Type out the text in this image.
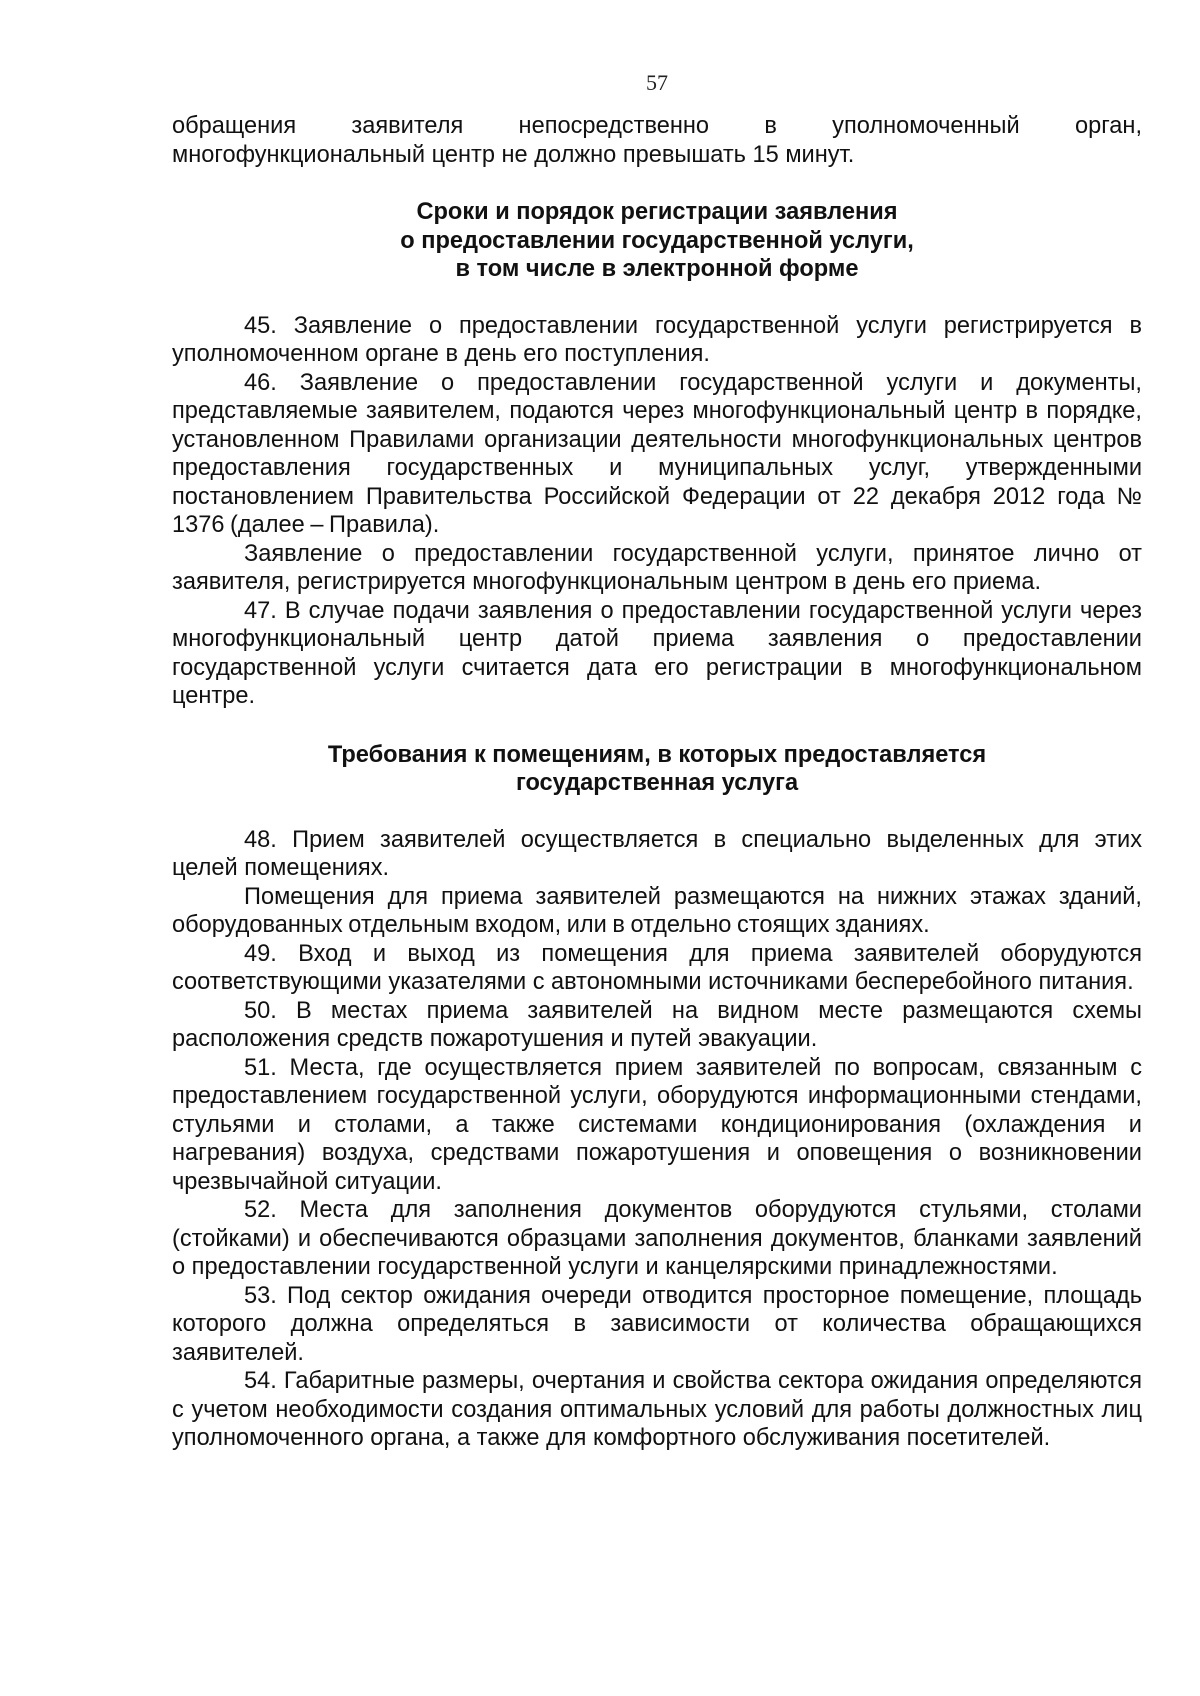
57

обращения заявителя непосредственно в уполномоченный орган, многофункциональный центр не должно превышать 15 минут.

Сроки и порядок регистрации заявления
о предоставлении государственной услуги,
в том числе в электронной форме

45. Заявление о предоставлении государственной услуги регистрируется в уполномоченном органе в день его поступления.

46. Заявление о предоставлении государственной услуги и документы, представляемые заявителем, подаются через многофункциональный центр в порядке, установленном Правилами организации деятельности многофункциональных центров предоставления государственных и муниципальных услуг, утвержденными постановлением Правительства Российской Федерации от 22 декабря 2012 года № 1376 (далее – Правила).

Заявление о предоставлении государственной услуги, принятое лично от заявителя, регистрируется многофункциональным центром в день его приема.

47. В случае подачи заявления о предоставлении государственной услуги через многофункциональный центр датой приема заявления о предоставлении государственной услуги считается дата его регистрации в многофункциональном центре.

Требования к помещениям, в которых предоставляется
государственная услуга

48. Прием заявителей осуществляется в специально выделенных для этих целей помещениях.

Помещения для приема заявителей размещаются на нижних этажах зданий, оборудованных отдельным входом, или в отдельно стоящих зданиях.

49. Вход и выход из помещения для приема заявителей оборудуются соответствующими указателями с автономными источниками бесперебойного питания.

50. В местах приема заявителей на видном месте размещаются схемы расположения средств пожаротушения и путей эвакуации.

51. Места, где осуществляется прием заявителей по вопросам, связанным с предоставлением государственной услуги, оборудуются информационными стендами, стульями и столами, а также системами кондиционирования (охлаждения и нагревания) воздуха, средствами пожаротушения и оповещения о возникновении чрезвычайной ситуации.

52. Места для заполнения документов оборудуются стульями, столами (стойками) и обеспечиваются образцами заполнения документов, бланками заявлений о предоставлении государственной услуги и канцелярскими принадлежностями.

53. Под сектор ожидания очереди отводится просторное помещение, площадь которого должна определяться в зависимости от количества обращающихся заявителей.

54. Габаритные размеры, очертания и свойства сектора ожидания определяются с учетом необходимости создания оптимальных условий для работы должностных лиц уполномоченного органа, а также для комфортного обслуживания посетителей.
